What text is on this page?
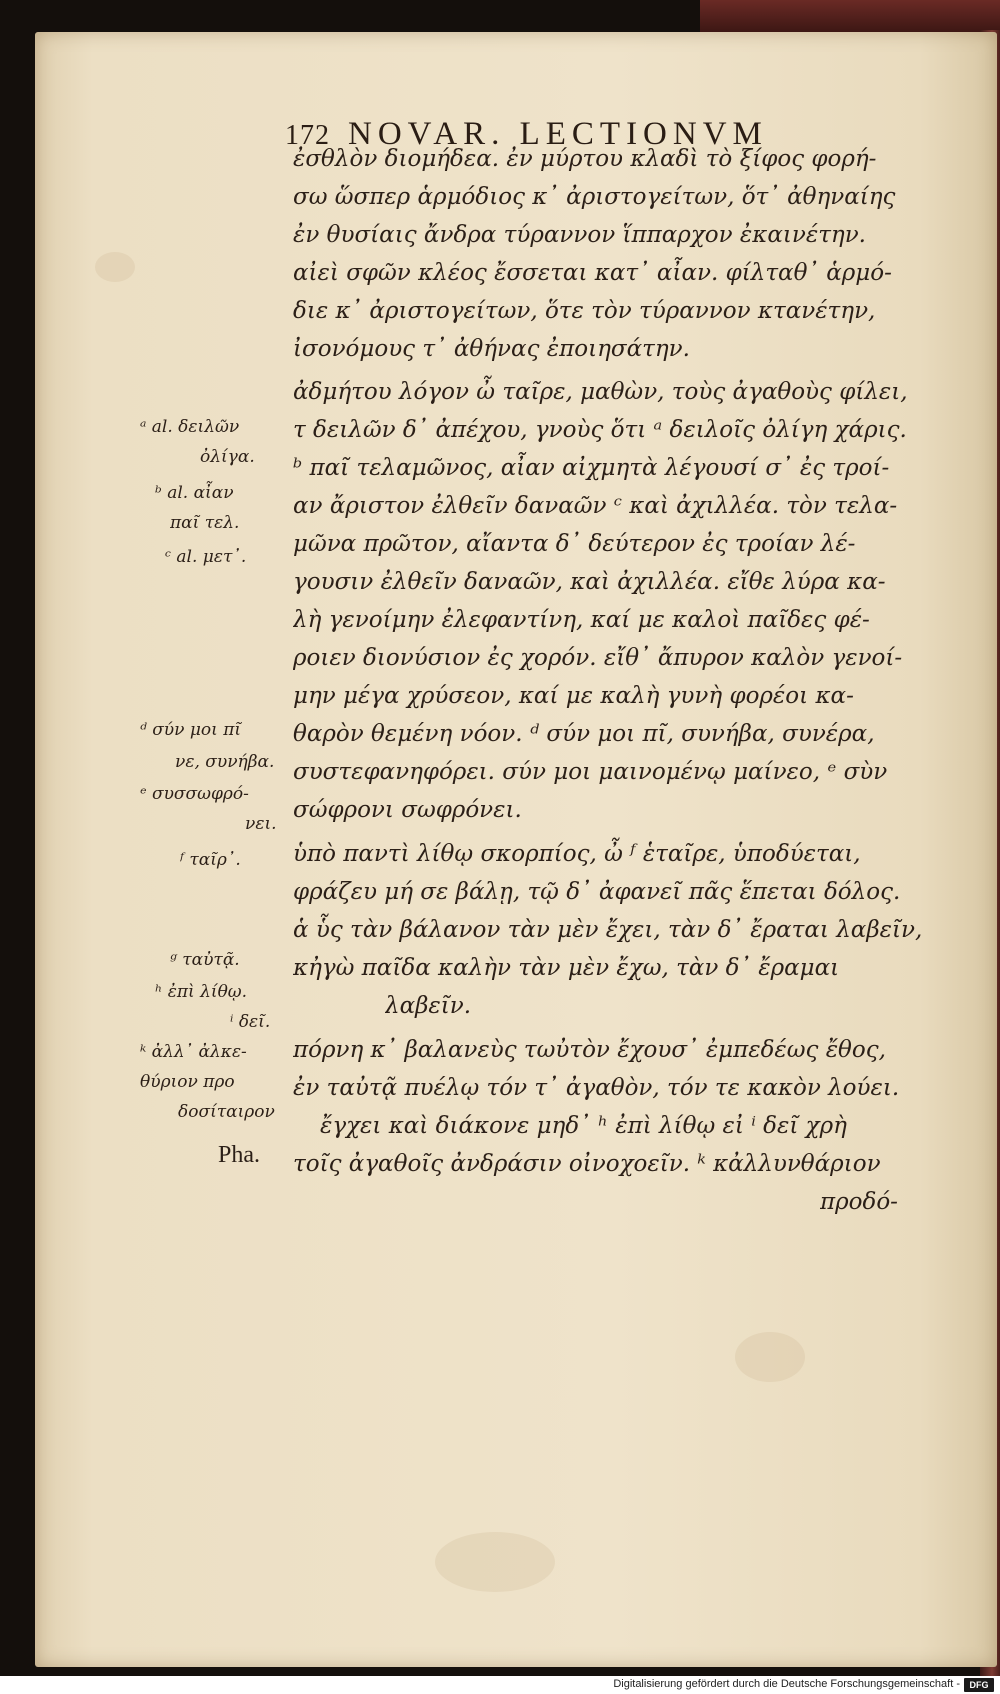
172 NOVAR. LECTIONVM
ἐσθλὸν διομήδεα. ἐν μύρτου κλαδὶ τὸ ξίφος φορή-
σω ὥσπερ ἁρμόδιος κ᾽ ἀριστογείτων, ὅτ᾽ ἀθηναίης
ἐν θυσίαις ἄνδρα τύραννον ἵππαρχον ἐκαινέτην.
αἰεὶ σφῶν κλέος ἔσσεται κατ᾽ αἶαν. φίλταθ᾽ ἁρμό-
διε κ᾽ ἀριστογείτων, ὅτε τὸν τύραννον κτανέτην,
ἰσονόμους τ᾽ ἀθήνας ἐποιησάτην.
ἀδμήτου λόγον ὦ ταῖρε, μαθὼν, τοὺς ἀγαθοὺς φίλει,
τ δειλῶν δ᾽ ἀπέχου, γνοὺς ὅτι ᵃ δειλοῖς ὀλίγη χάρις.
ᵇ παῖ τελαμῶνος, αἶαν αἰχμητὰ λέγουσί σ᾽ ἐς τροί-
αν ἄριστον ἐλθεῖν δαναῶν ᶜ καὶ ἀχιλλέα. τὸν τελα-
μῶνα πρῶτον, αἴαντα δ᾽ δεύτερον ἐς τροίαν λέ-
γουσιν ἐλθεῖν δαναῶν, καὶ ἀχιλλέα. εἴθε λύρα κα-
λὴ γενοίμην ἐλεφαντίνη, καί με καλοὶ παῖδες φέ-
ροιεν διονύσιον ἐς χορόν. εἴθ᾽ ἄπυρον καλὸν γενοί-
μην μέγα χρύσεον, καί με καλὴ γυνὴ φορέοι κα-
θαρὸν θεμένη νόον. ᵈ σύν μοι πῖ, συνήβα, συνέρα,
συστεφανηφόρει. σύν μοι μαινομένῳ μαίνεο, ᵉ σὺν
σώφρονι σωφρόνει.
ὑπὸ παντὶ λίθῳ σκορπίος, ὦ ᶠ ἑταῖρε, ὑποδύεται,
φράζευ μή σε βάλῃ, τῷ δ᾽ ἀφανεῖ πᾶς ἕπεται δόλος.
ἁ ὗς τὰν βάλανον τὰν μὲν ἔχει, τὰν δ᾽ ἔραται λαβεῖν,
κἠγὼ παῖδα καλὴν τὰν μὲν ἔχω, τὰν δ᾽ ἔραμαι
λαβεῖν.
πόρνη κ᾽ βαλανεὺς τωὐτὸν ἔχουσ᾽ ἐμπεδέως ἔθος,
ἐν ταὐτᾷ πυέλῳ τόν τ᾽ ἀγαθὸν, τόν τε κακὸν λούει.
ἔγχει καὶ διάκονε μηδ᾽ ʰ ἐπὶ λίθῳ εἰ ⁱ δεῖ χρὴ
τοῖς ἀγαθοῖς ἀνδράσιν οἰνοχοεῖν. ᵏ κἀλλυνθάριον
προδό-
ᵃ al. δειλῶν
ὀλίγα.
ᵇ al. αἶαν
παῖ τελ.
ᶜ al. μετ᾽.
ᵈ σύν μοι πῖ
νε, συνήβα.
ᵉ συσσωφρό-
νει.
ᶠ ταῖρ᾽.
ᵍ ταὐτᾷ.
ʰ ἐπὶ λίθῳ.
ⁱ δεῖ.
ᵏ ἀλλ᾽ ἀλκε-
θύριον προ
δοσίταιρον
Pha.
Digitalisierung gefördert durch die Deutsche Forschungsgemeinschaft -	DFG
